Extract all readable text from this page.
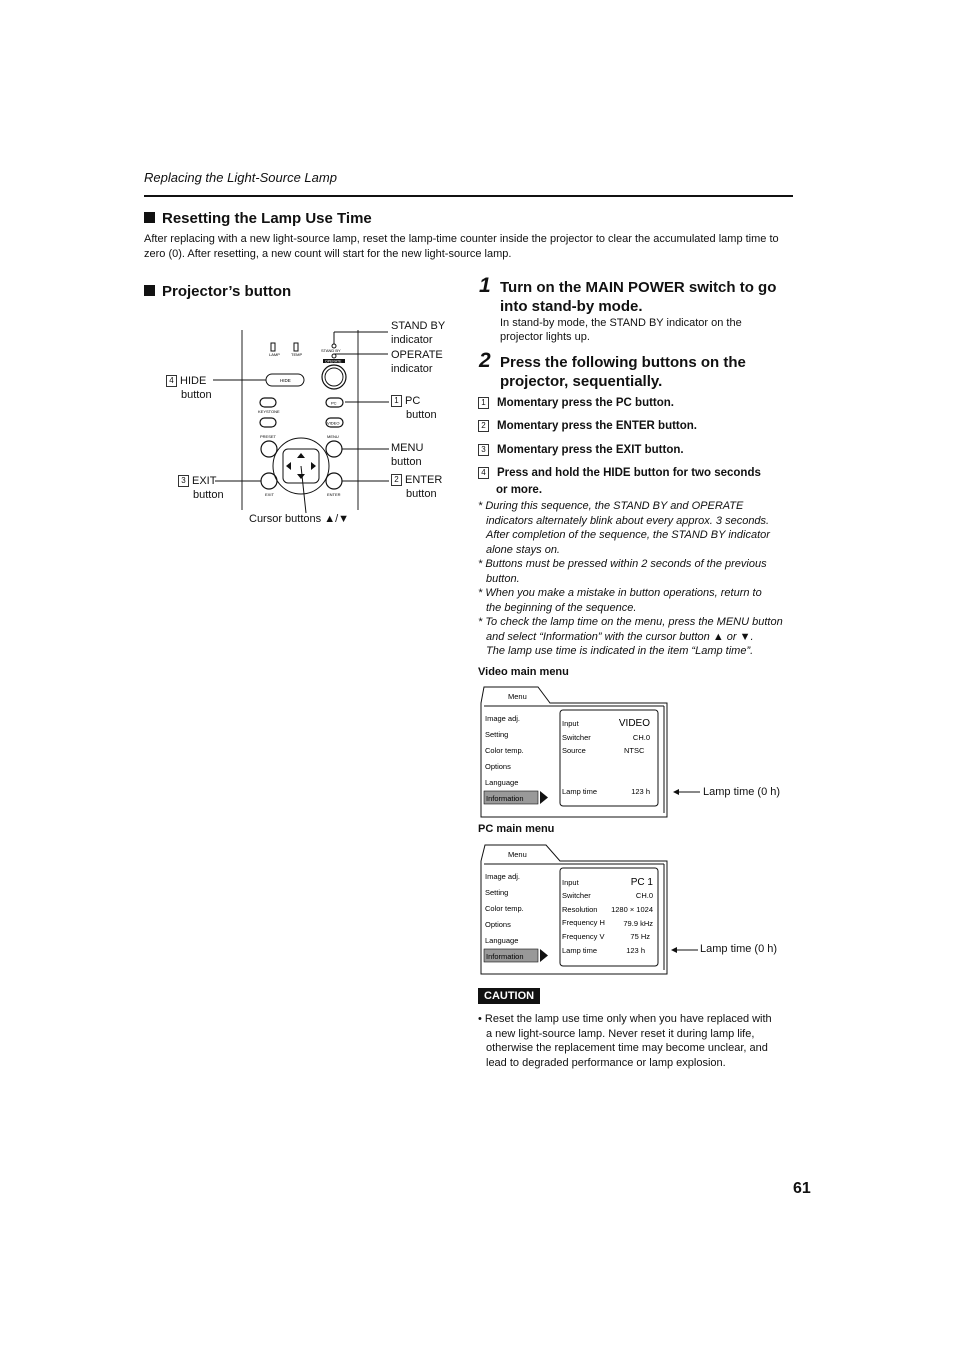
Replacing the Light-Source Lamp
Resetting the Lamp Use Time
After replacing with a new light-source lamp, reset the lamp-time counter inside the projector to clear the accumulated lamp time to zero (0). After resetting, a new count will start for the new light-source lamp.
Projector’s button
LAMP	TEMP
STAND BY
OPERATE
HIDE
KEYSTONE
PC
VIDEO
PRESET	MENU
EXIT	ENTER
STAND BY
indicator
OPERATE
indicator
1 PC
button
MENU
button
2 ENTER
button
4 HIDE
button
3 EXIT
button
Cursor buttons ▲/▼
1 Turn on the MAIN POWER switch to go
into stand-by mode.
In stand-by mode, the STAND BY indicator on the
projector lights up.
2 Press the following buttons on the
projector, sequentially.
1 Momentary press the PC button.
2 Momentary press the ENTER button.
3 Momentary press the EXIT button.
4 Press and hold the HIDE button for two seconds
or more.
* During this sequence, the STAND BY and OPERATE
indicators alternately blink about every approx. 3 seconds.
After completion of the sequence, the STAND BY indicator
alone stays on.
* Buttons must be pressed within 2 seconds of the previous
button.
* When you make a mistake in button operations, return to
the beginning of the sequence.
* To check the lamp time on the menu, press the MENU button
and select “Information” with the cursor button ▲ or ▼.
The lamp use time is indicated in the item “Lamp time”.
Video main menu
Menu
Image adj.
Setting
Color temp.
Options
Language
Information
Input	VIDEO
Switcher	CH.0
Source	NTSC
Lamp time	123 h	Lamp time (0 h)
PC main menu
Menu
Image adj.
Setting
Color temp.
Options
Language
Information
Input	PC 1
Switcher	CH.0
Resolution 1280 × 1024
Frequency H 79.9 kHz
Frequency V	75 Hz
Lamp time	123 h	Lamp time (0 h)
CAUTION
• Reset the lamp use time only when you have replaced with
a new light-source lamp. Never reset it during lamp life,
otherwise the replacement time may become unclear, and
lead to degraded performance or lamp explosion.
61
